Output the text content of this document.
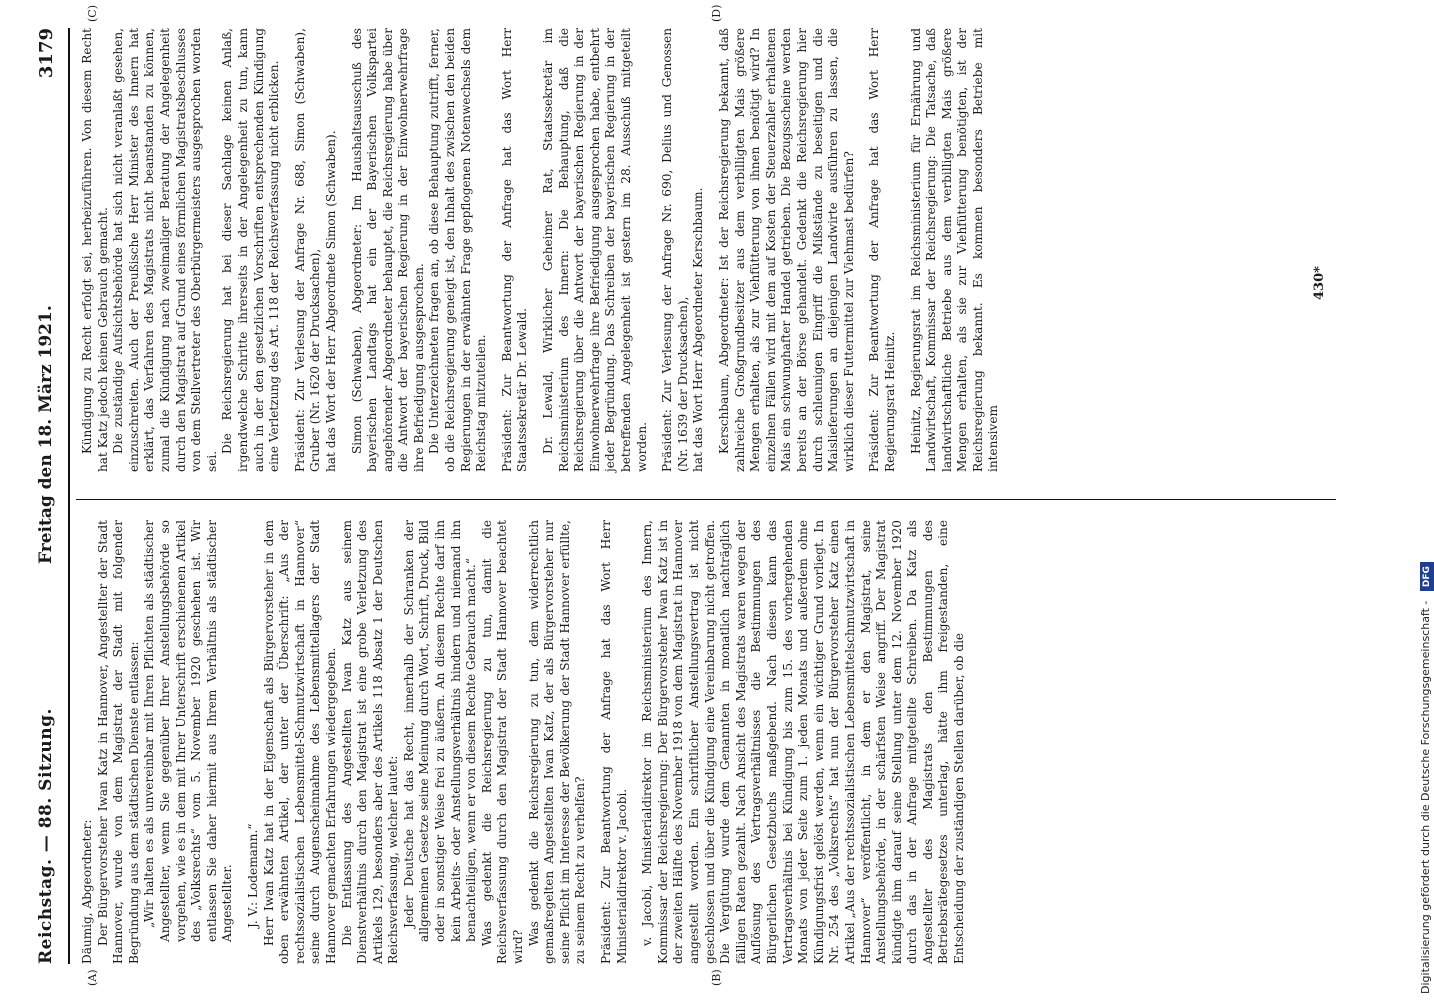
Reichstag. — 88. Sitzung.
Freitag den 18. März 1921.
3179
(A)	(B)
(C)	(D)

Däumig, Abgeordneter: Der Bürgervorsteher Iwan Katz in Hannover, Angestellter der Stadt Hannover, wurde von dem Magistrat der Stadt mit folgender Begründung aus dem städtischen Dienste entlassen: „Wir halten es als unvereinbar mit Ihren Pflichten als städtischer Angestellter, wenn Sie gegenüber Ihrer Anstellungsbehörde so vorgehen, wie es in dem mit Ihrer Unterschrift erschienenen Artikel des „Volksrechts“ vom 5. November 1920 geschehen ist. Wir entlassen Sie daher hiermit aus Ihrem Verhältnis als städtischer Angestellter. J. V.: Lodemann.“ Herr Iwan Katz hat in der Eigenschaft als Bürgervorsteher in dem oben erwähnten Artikel, der unter der Überschrift: „Aus der rechtssozialistischen Lebensmittel-Schmutzwirtschaft in Hannover“ seine durch Augenscheinnahme des Lebensmittellagers der Stadt Hannover gemachten Erfahrungen wiedergegeben. Die Entlassung des Angestellten Iwan Katz aus seinem Dienstverhältnis durch den Magistrat ist eine grobe Verletzung des Artikels 129, besonders aber des Artikels 118 Absatz 1 der Deutschen Reichsverfassung, welcher lautet: Jeder Deutsche hat das Recht, innerhalb der Schranken der allgemeinen Gesetze seine Meinung durch Wort, Schrift, Druck, Bild oder in sonstiger Weise frei zu äußern. An diesem Rechte darf ihn kein Arbeits- oder Anstellungsverhältnis hindern und niemand ihn benachteiligen, wenn er von diesem Rechte Gebrauch macht.“ Was gedenkt die Reichsregierung zu tun, damit die Reichsverfassung durch den Magistrat der Stadt Hannover beachtet wird?

Was gedenkt die Reichsregierung zu tun, dem widerrechtlich gemaßregelten Angestellten Iwan Katz, der als Bürgervorsteher nur seine Pflicht im Interesse der Bevölkerung der Stadt Hannover erfüllte, zu seinem Recht zu verhelfen? Präsident: Zur Beantwortung der Anfrage hat das Wort Herr Ministerialdirektor v. Jacobi. v. Jacobi, Ministerialdirektor im Reichsministerium des Innern, Kommissar der Reichsregierung: Der Bürgervorsteher Iwan Katz ist in der zweiten Hälfte des November 1918 von dem Magistrat in Hannover angestellt worden. Ein schriftlicher Anstellungsvertrag ist nicht geschlossen und über die Kündigung eine Vereinbarung nicht getroffen. Die Vergütung wurde dem Genannten in monatlich nachträglich fälligen Raten gezahlt. Nach Ansicht des Magistrats waren wegen der Auflösung des Vertragsverhältnisses die Bestimmungen des Bürgerlichen Gesetzbuchs maßgebend. Nach diesen kann das Vertragsverhältnis bei Kündigung bis zum 15. des vorhergehenden Monats von jeder Seite zum 1. jeden Monats und außerdem ohne Kündigungsfrist gelöst werden, wenn ein wichtiger Grund vorliegt. In Nr. 254 des „Volksrechts“ hat nun der Bürgervorsteher Katz einen Artikel „Aus der rechtssozialistischen Lebensmittelschmutzwirtschaft in Hannover“ veröffentlicht, in dem er den Magistrat, seine Anstellungsbehörde, in der schärfsten Weise angriff. Der Magistrat kündigte ihm darauf seine Stellung unter dem 12. November 1920 durch das in der Anfrage mitgeteilte Schreiben. Da Katz als Angestellter des Magistrats den Bestimmungen des Betriebsrätegesetzes unterlag, hätte ihm freigestanden, eine Entscheidung der zuständigen Stellen darüber, ob die

Kündigung zu Recht erfolgt sei, herbeizuführen. Von diesem Recht hat Katz jedoch keinen Gebrauch gemacht. Die zuständige Aufsichtsbehörde hat sich nicht veranlaßt gesehen, einzuschreiten. Auch der Preußische Herr Minister des Innern hat erklärt, das Verfahren des Magistrats nicht beanstanden zu können, zumal die Kündigung nach zweimaliger Beratung der Angelegenheit durch den Magistrat auf Grund eines förmlichen Magistratsbeschlusses von dem Stellvertreter des Oberbürgermeisters ausgesprochen worden sei.

Die Reichsregierung hat bei dieser Sachlage keinen Anlaß, irgendwelche Schritte ihrerseits in der Angelegenheit zu tun, kann auch in der den gesetzlichen Vorschriften entsprechenden Kündigung eine Verletzung des Art. 118 der Reichsverfassung nicht erblicken. Präsident: Zur Verlesung der Anfrage Nr. 688, Simon (Schwaben), Gruber (Nr. 1620 der Drucksachen), hat das Wort der Herr Abgeordnete Simon (Schwaben). Simon (Schwaben), Abgeordneter: Im Haushaltsausschuß des bayerischen Landtags hat ein der Bayerischen Volkspartei angehörender Abgeordneter behauptet, die Reichsregierung habe über die Antwort der bayerischen Regierung in der Einwohnerwehrfrage ihre Befriedigung ausgesprochen. Die Unterzeichneten fragen an, ob diese Behauptung zutrifft, ferner, ob die Reichsregierung geneigt ist, den Inhalt des zwischen den beiden Regierungen in der erwähnten Frage gepflogenen Notenwechsels dem Reichstag mitzuteilen. Präsident: Zur Beantwortung der Anfrage hat das Wort Herr Staatssekretär Dr. Lewald. Dr. Lewald, Wirklicher Geheimer Rat, Staatssekretär im Reichsministerium des Innern: Die Behauptung, daß die Reichsregierung über die Antwort der bayerischen Regierung in der Einwohnerwehrfrage ihre Befriedigung ausgesprochen habe, entbehrt jeder Begründung. Das Schreiben der bayerischen Regierung in der betreffenden Angelegenheit ist gestern im 28. Ausschuß mitgeteilt worden. Präsident: Zur Verlesung der Anfrage Nr. 690, Delius und Genossen (Nr. 1639 der Drucksachen), hat das Wort Herr Abgeordneter Kerschbaum. Kerschbaum, Abgeordneter: Ist der Reichsregierung bekannt, daß zahlreiche Großgrundbesitzer aus dem verbilligten Mais größere Mengen erhalten, als zur Viehfütterung von ihnen benötigt wird? In einzelnen Fällen wird mit dem auf Kosten der Steuerzahler erhaltenen Mais ein schwunghafter Handel getrieben. Die Bezugsscheine werden bereits an der Börse gehandelt. Gedenkt die Reichsregierung hier durch schleunigen Eingriff die Mißstände zu beseitigen und die Maislieferungen an diejenigen Landwirte ausführen zu lassen, die wirklich dieser Futtermittel zur Viehmast bedürfen? Präsident: Zur Beantwortung der Anfrage hat das Wort Herr Regierungsrat Heinitz. Heinitz, Regierungsrat im Reichsministerium für Ernährung und Landwirtschaft, Kommissar der Reichsregierung: Die Tatsache, daß landwirtschaftliche Betriebe aus dem verbilligten Mais größere Mengen erhalten, als sie zur Viehfütterung benötigten, ist der Reichsregierung bekannt. Es kommen besonders Betriebe mit intensivem

430*
Digitalisierung gefördert durch die Deutsche Forschungsgemeinschaft - DFG
